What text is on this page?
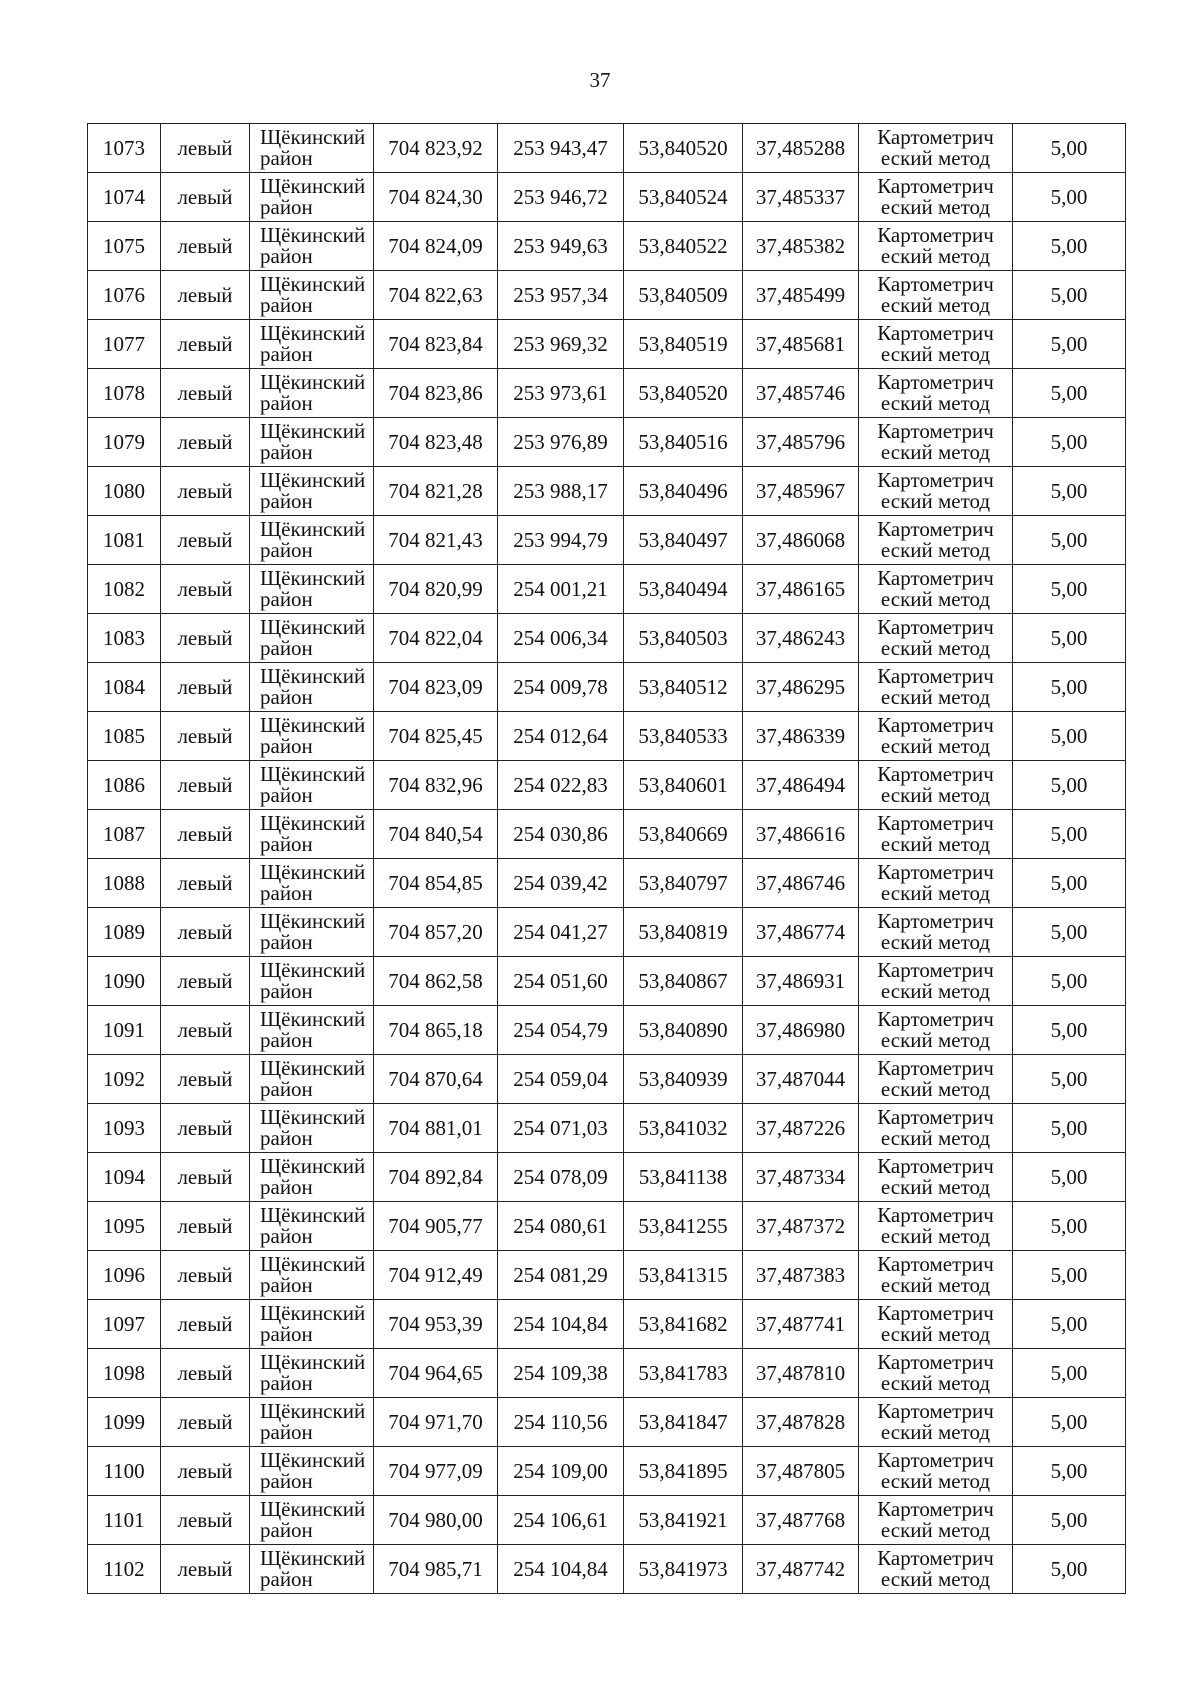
37
1073	левый	Щёкинский район	704 823,92	253 943,47	53,840520	37,485288	Картометрич еский метод	5,00
1074	левый	Щёкинский район	704 824,30	253 946,72	53,840524	37,485337	Картометрич еский метод	5,00
1075	левый	Щёкинский район	704 824,09	253 949,63	53,840522	37,485382	Картометрич еский метод	5,00
1076	левый	Щёкинский район	704 822,63	253 957,34	53,840509	37,485499	Картометрич еский метод	5,00
1077	левый	Щёкинский район	704 823,84	253 969,32	53,840519	37,485681	Картометрич еский метод	5,00
1078	левый	Щёкинский район	704 823,86	253 973,61	53,840520	37,485746	Картометрич еский метод	5,00
1079	левый	Щёкинский район	704 823,48	253 976,89	53,840516	37,485796	Картометрич еский метод	5,00
1080	левый	Щёкинский район	704 821,28	253 988,17	53,840496	37,485967	Картометрич еский метод	5,00
1081	левый	Щёкинский район	704 821,43	253 994,79	53,840497	37,486068	Картометрич еский метод	5,00
1082	левый	Щёкинский район	704 820,99	254 001,21	53,840494	37,486165	Картометрич еский метод	5,00
1083	левый	Щёкинский район	704 822,04	254 006,34	53,840503	37,486243	Картометрич еский метод	5,00
1084	левый	Щёкинский район	704 823,09	254 009,78	53,840512	37,486295	Картометрич еский метод	5,00
1085	левый	Щёкинский район	704 825,45	254 012,64	53,840533	37,486339	Картометрич еский метод	5,00
1086	левый	Щёкинский район	704 832,96	254 022,83	53,840601	37,486494	Картометрич еский метод	5,00
1087	левый	Щёкинский район	704 840,54	254 030,86	53,840669	37,486616	Картометрич еский метод	5,00
1088	левый	Щёкинский район	704 854,85	254 039,42	53,840797	37,486746	Картометрич еский метод	5,00
1089	левый	Щёкинский район	704 857,20	254 041,27	53,840819	37,486774	Картометрич еский метод	5,00
1090	левый	Щёкинский район	704 862,58	254 051,60	53,840867	37,486931	Картометрич еский метод	5,00
1091	левый	Щёкинский район	704 865,18	254 054,79	53,840890	37,486980	Картометрич еский метод	5,00
1092	левый	Щёкинский район	704 870,64	254 059,04	53,840939	37,487044	Картометрич еский метод	5,00
1093	левый	Щёкинский район	704 881,01	254 071,03	53,841032	37,487226	Картометрич еский метод	5,00
1094	левый	Щёкинский район	704 892,84	254 078,09	53,841138	37,487334	Картометрич еский метод	5,00
1095	левый	Щёкинский район	704 905,77	254 080,61	53,841255	37,487372	Картометрич еский метод	5,00
1096	левый	Щёкинский район	704 912,49	254 081,29	53,841315	37,487383	Картометрич еский метод	5,00
1097	левый	Щёкинский район	704 953,39	254 104,84	53,841682	37,487741	Картометрич еский метод	5,00
1098	левый	Щёкинский район	704 964,65	254 109,38	53,841783	37,487810	Картометрич еский метод	5,00
1099	левый	Щёкинский район	704 971,70	254 110,56	53,841847	37,487828	Картометрич еский метод	5,00
1100	левый	Щёкинский район	704 977,09	254 109,00	53,841895	37,487805	Картометрич еский метод	5,00
1101	левый	Щёкинский район	704 980,00	254 106,61	53,841921	37,487768	Картометрич еский метод	5,00
1102	левый	Щёкинский район	704 985,71	254 104,84	53,841973	37,487742	Картометрич еский метод	5,00
